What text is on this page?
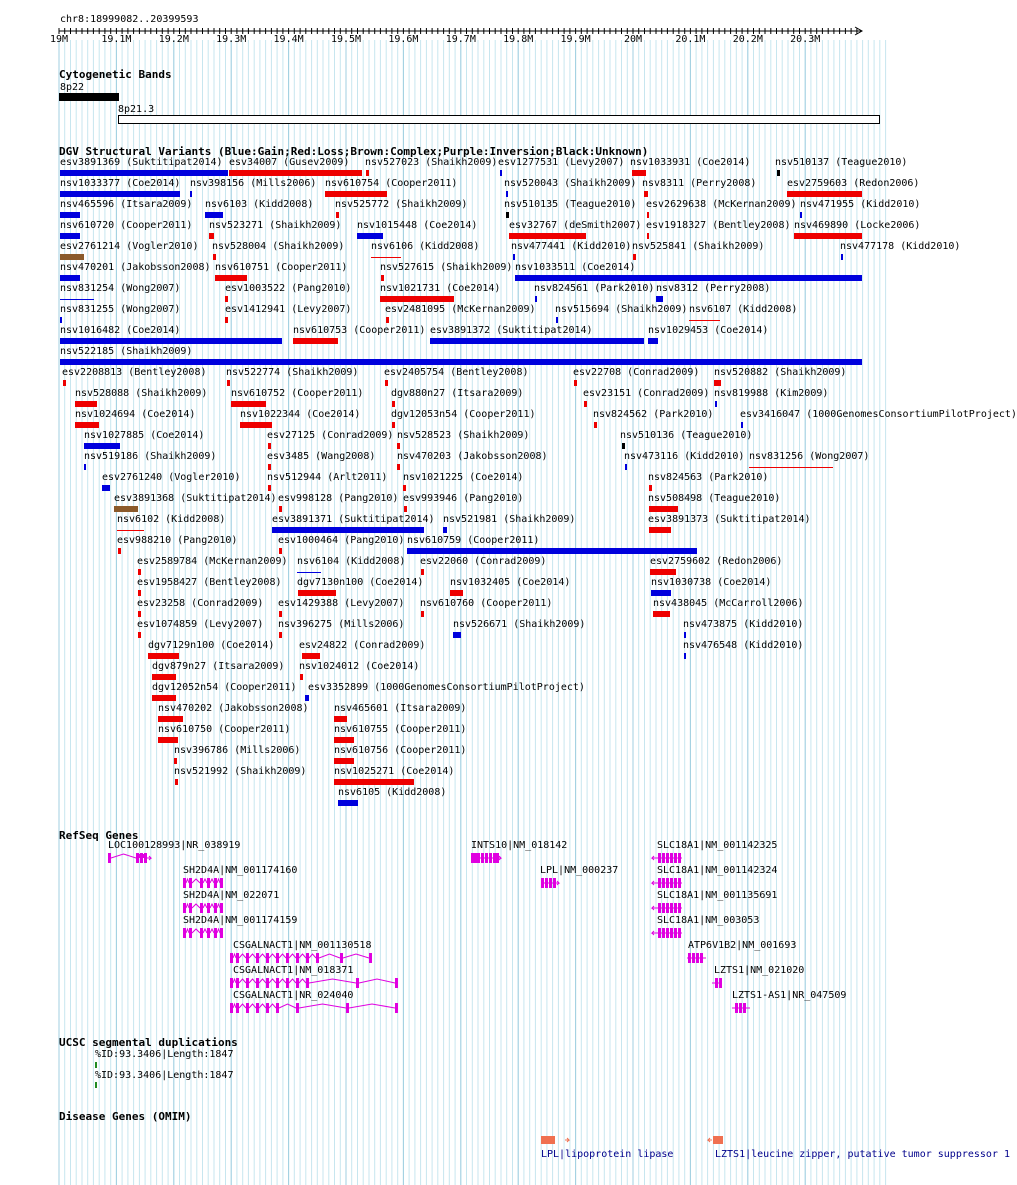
chr8:18999082..20399593
19M	19.1M	19.2M	19.3M	19.4M	19.5M	19.6M	19.7M	19.8M	19.9M	20M	20.1M	20.2M	20.3M
Cytogenetic Bands
8p22
8p21.3
DGV Structural Variants (Blue:Gain;Red:Loss;Brown:Complex;Purple:Inversion;Black:Unknown)
esv3891369 (Suktitipat2014) esv34007 (Gusev2009) nsv527023 (Shaikh2009) esv1277531 (Levy2007) nsv1033931 (Coe2014) nsv510137 (Teague2010)
nsv1033377 (Coe2014) nsv398156 (Mills2006) nsv610754 (Cooper2011)	nsv520043 (Shaikh2009) nsv8311 (Perry2008)	esv2759603 (Redon2006)
nsv465596 (Itsara2009) nsv6103 (Kidd2008) nsv525772 (Shaikh2009)	nsv510135 (Teague2010) esv2629638 (McKernan2009) nsv471955 (Kidd2010)
nsv610720 (Cooper2011) nsv523271 (Shaikh2009) nsv1015448 (Coe2014)	esv32767 (deSmith2007) esv1918327 (Bentley2008) nsv469890 (Locke2006)
esv2761214 (Vogler2010) nsv528004 (Shaikh2009)	nsv6106 (Kidd2008)	nsv477441 (Kidd2010) nsv525841 (Shaikh2009)	nsv477178 (Kidd2010)
nsv470201 (Jakobsson2008) nsv610751 (Cooper2011)	nsv527615 (Shaikh2009) nsv1033511 (Coe2014)
nsv831254 (Wong2007)	esv1003522 (Pang2010)	nsv1021731 (Coe2014)	nsv824561 (Park2010) nsv8312 (Perry2008)
nsv831255 (Wong2007)	esv1412941 (Levy2007)	esv2481095 (McKernan2009) nsv515694 (Shaikh2009) nsv6107 (Kidd2008)
nsv1016482 (Coe2014)	nsv610753 (Cooper2011) esv3891372 (Suktitipat2014)	nsv1029453 (Coe2014)
nsv522185 (Shaikh2009)
esv2208813 (Bentley2008) nsv522774 (Shaikh2009)	esv2405754 (Bentley2008)	esv22708 (Conrad2009) nsv520882 (Shaikh2009)
nsv528088 (Shaikh2009) nsv610752 (Cooper2011)	dgv880n27 (Itsara2009)	esv23151 (Conrad2009) nsv819988 (Kim2009)
nsv1024694 (Coe2014)	nsv1022344 (Coe2014)	dgv12053n54 (Cooper2011)	nsv824562 (Park2010)	esv3416047 (1000GenomesConsortiumPilotProject)
nsv1027885 (Coe2014)	esv27125 (Conrad2009) nsv528523 (Shaikh2009)	nsv510136 (Teague2010)
nsv519186 (Shaikh2009)	esv3485 (Wang2008) nsv470203 (Jakobsson2008)	nsv473116 (Kidd2010) nsv831256 (Wong2007)
esv2761240 (Vogler2010)	nsv512944 (Arlt2011) nsv1021225 (Coe2014)	nsv824563 (Park2010)
esv3891368 (Suktitipat2014) esv998128 (Pang2010) esv993946 (Pang2010)	nsv508498 (Teague2010)
nsv6102 (Kidd2008)	esv3891371 (Suktitipat2014) nsv521981 (Shaikh2009)	esv3891373 (Suktitipat2014)
esv988210 (Pang2010)	esv1000464 (Pang2010) nsv610759 (Cooper2011)
esv2589784 (McKernan2009) nsv6104 (Kidd2008) esv22060 (Conrad2009)	esv2759602 (Redon2006)
esv1958427 (Bentley2008) dgv7130n100 (Coe2014)	nsv1032405 (Coe2014)	nsv1030738 (Coe2014)
esv23258 (Conrad2009) esv1429388 (Levy2007) nsv610760 (Cooper2011)	nsv438045 (McCarroll2006)
esv1074859 (Levy2007) nsv396275 (Mills2006)	nsv526671 (Shaikh2009)	nsv473875 (Kidd2010)
dgv7129n100 (Coe2014) esv24822 (Conrad2009)	nsv476548 (Kidd2010)
dgv879n27 (Itsara2009) nsv1024012 (Coe2014)
dgv12052n54 (Cooper2011) esv3352899 (1000GenomesConsortiumPilotProject)
nsv470202 (Jakobsson2008)	nsv465601 (Itsara2009)
nsv610750 (Cooper2011)	nsv610755 (Cooper2011)
nsv396786 (Mills2006)	nsv610756 (Cooper2011)
nsv521992 (Shaikh2009)	nsv1025271 (Coe2014)
nsv6105 (Kidd2008)
RefSeq Genes
LOC100128993|NR_038919	INTS10|NM_018142	SLC18A1|NM_001142325
SH2D4A|NM_001174160	LPL|NM_000237	SLC18A1|NM_001142324
SH2D4A|NM_022071	SLC18A1|NM_001135691
SH2D4A|NM_001174159	SLC18A1|NM_003053
CSGALNACT1|NM_001130518	ATP6V1B2|NM_001693
CSGALNACT1|NM_018371	LZTS1|NM_021020
CSGALNACT1|NR_024040	LZTS1-AS1|NR_047509
UCSC segmental duplications
%ID:93.3406|Length:1847
%ID:93.3406|Length:1847
Disease Genes (OMIM)
LPL|lipoprotein lipase	LZTS1|leucine zipper, putative tumor suppressor 1
